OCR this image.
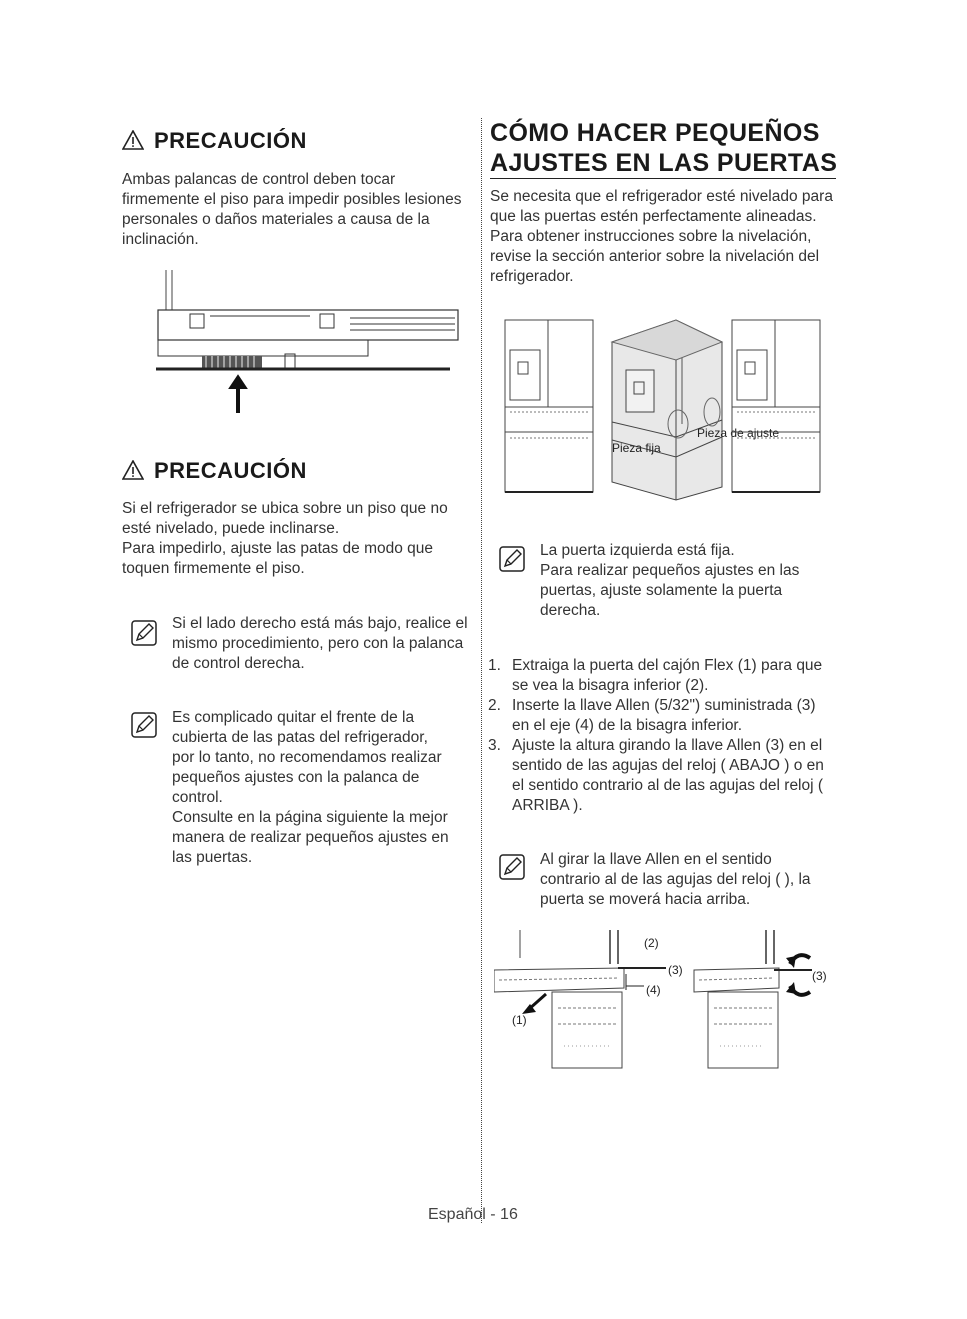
PRECAUCIÓN
Ambas palancas de control deben tocar firmemente el piso para impedir posibles lesiones personales o daños materiales a causa de la inclinación.
PRECAUCIÓN
Si el refrigerador se ubica sobre un piso que no esté nivelado, puede inclinarse.
Para impedirlo, ajuste las patas de modo que toquen firmemente el piso.
Si el lado derecho está más bajo, realice el mismo procedimiento, pero con la palanca de control derecha.
Es complicado quitar el frente de la cubierta de las patas del refrigerador, por lo tanto, no recomendamos realizar pequeños ajustes con la palanca de control.
Consulte en la página siguiente la mejor manera de realizar pequeños ajustes en las puertas.
CÓMO HACER PEQUEÑOS
AJUSTES EN LAS PUERTAS
Se necesita que el refrigerador esté nivelado para que las puertas estén perfectamente alineadas. Para obtener instrucciones sobre la nivelación, revise la sección anterior sobre la nivelación del refrigerador.
Pieza fija
Pieza de ajuste
La puerta izquierda está fija.
Para realizar pequeños ajustes en las puertas, ajuste solamente la puerta derecha.
1. Extraiga la puerta del cajón Flex (1) para que se vea la bisagra inferior (2).
2. Inserte la llave Allen (5/32") suministrada (3) en el eje (4) de la bisagra inferior.
3. Ajuste la altura girando la llave Allen (3) en el sentido de las agujas del reloj ( ABAJO ) o en el sentido contrario al de las agujas del reloj ( ARRIBA ).
Al girar la llave Allen en el sentido contrario al de las agujas del reloj ( ), la puerta se moverá hacia arriba.
(2)
(3)
(4)
(1)
(3)
Español - 16
